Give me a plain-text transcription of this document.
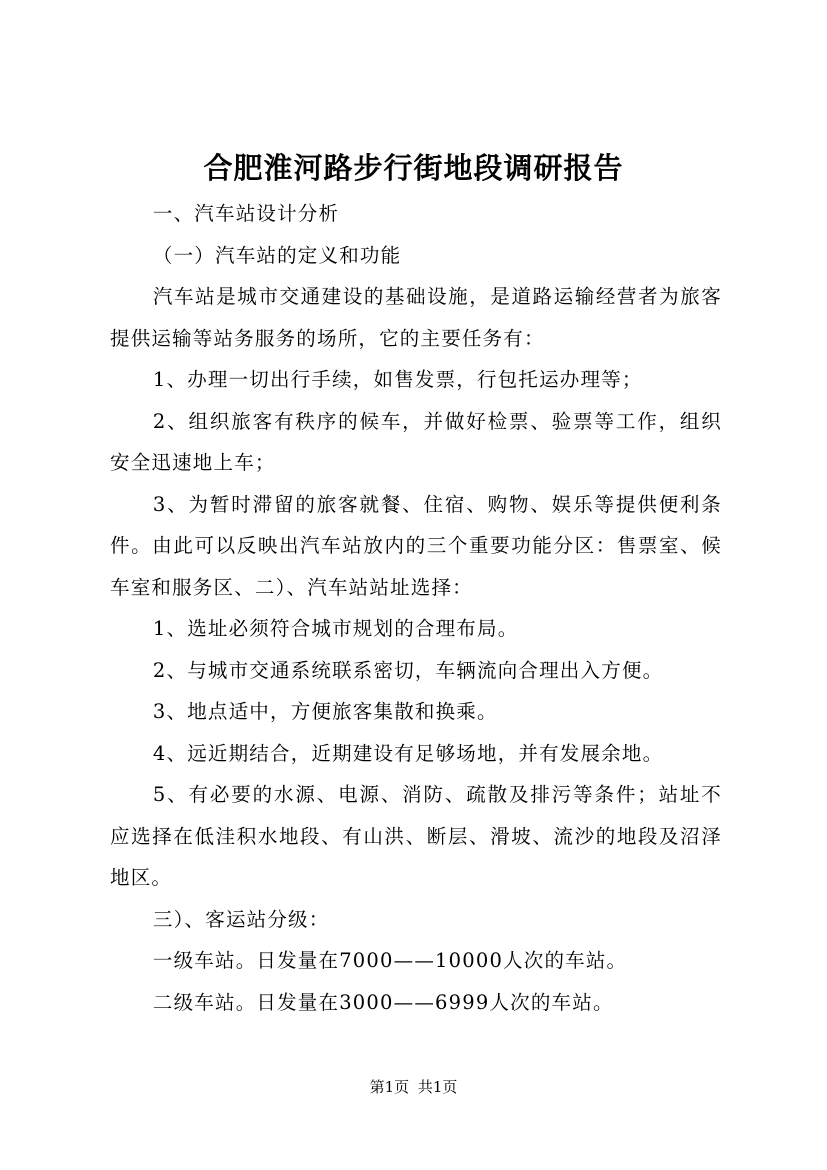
合肥淮河路步行街地段调研报告

一、汽车站设计分析

（一）汽车站的定义和功能

汽车站是城市交通建设的基础设施，是道路运输经营者为旅客提供运输等站务服务的场所，它的主要任务有：

1、办理一切出行手续，如售发票，行包托运办理等；

2、组织旅客有秩序的候车，并做好检票、验票等工作，组织安全迅速地上车；

3、为暂时滞留的旅客就餐、住宿、购物、娱乐等提供便利条件。由此可以反映出汽车站放内的三个重要功能分区：售票室、候车室和服务区、二）、汽车站站址选择：

1、选址必须符合城市规划的合理布局。

2、与城市交通系统联系密切，车辆流向合理出入方便。

3、地点适中，方便旅客集散和换乘。

4、远近期结合，近期建设有足够场地，并有发展余地。

5、有必要的水源、电源、消防、疏散及排污等条件；站址不应选择在低洼积水地段、有山洪、断层、滑坡、流沙的地段及沼泽地区。

三）、客运站分级：

一级车站。日发量在7000——10000人次的车站。

二级车站。日发量在3000——6999人次的车站。

第1页 共1页
